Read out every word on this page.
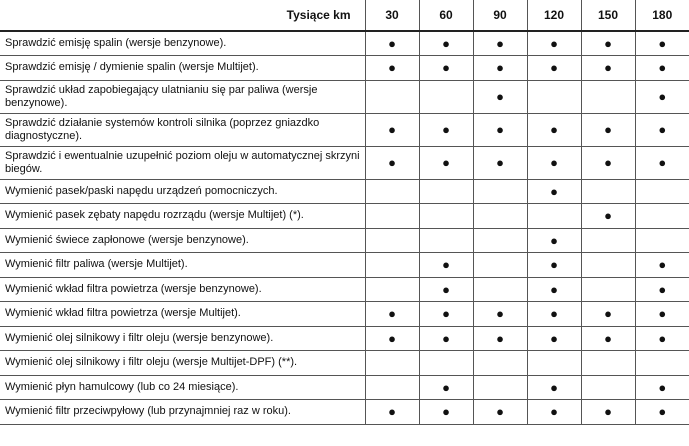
Tysiące km	30	60	90	120	150	180
Sprawdzić emisję spalin (wersje benzynowe).	●	●	●	●	●	●
Sprawdzić emisję / dymienie spalin (wersje Multijet).	●	●	●	●	●	●
Sprawdzić układ zapobiegający ulatnianiu się par paliwa (wersje benzynowe).			●			●
Sprawdzić działanie systemów kontroli silnika (poprzez gniazdko diagnostyczne).	●	●	●	●	●	●
Sprawdzić i ewentualnie uzupełnić poziom oleju w automatycznej skrzyni biegów.	●	●	●	●	●	●
Wymienić pasek/paski napędu urządzeń pomocniczych.				●		
Wymienić pasek zębaty napędu rozrządu (wersje Multijet) (*).					●	
Wymienić świece zapłonowe (wersje benzynowe).				●		
Wymienić filtr paliwa (wersje Multijet).		●		●		●
Wymienić wkład filtra powietrza (wersje benzynowe).		●		●		●
Wymienić wkład filtra powietrza (wersje Multijet).	●	●	●	●	●	●
Wymienić olej silnikowy i filtr oleju (wersje benzynowe).	●	●	●	●	●	●
Wymienić olej silnikowy i filtr oleju (wersje Multijet-DPF) (**).						
Wymienić płyn hamulcowy (lub co 24 miesiące).		●		●		●
Wymienić filtr przeciwpyłowy (lub przynajmniej raz w roku).	●	●	●	●	●	●
